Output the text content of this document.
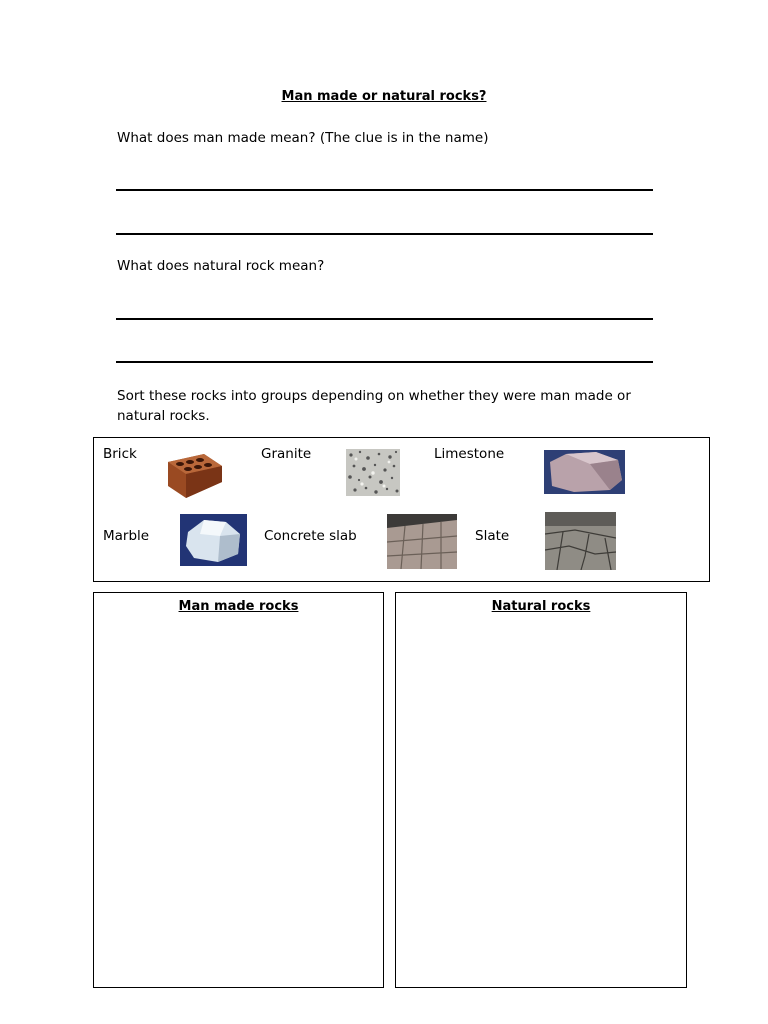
Man made or natural rocks?
What does man made mean? (The clue is in the name)
What does natural rock mean?
Sort these rocks into groups depending on whether they were man made or natural rocks.
Brick	Granite	Limestone
Marble	Concrete slab	Slate
Man made rocks	Natural rocks
